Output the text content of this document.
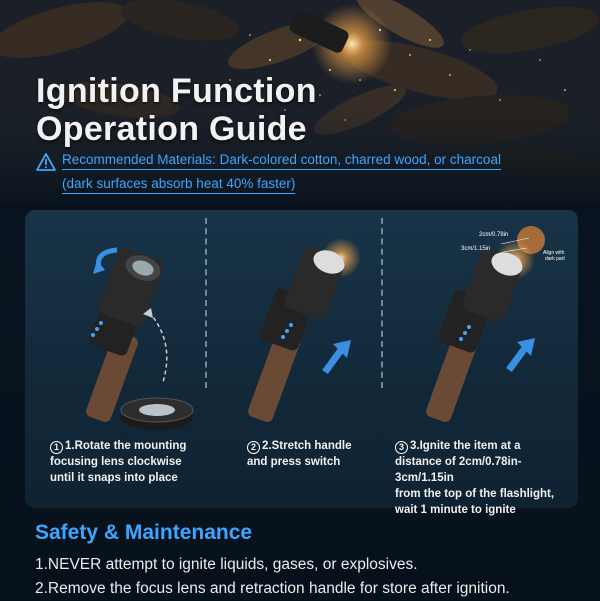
Ignition Function
Operation Guide
Recommended Materials: Dark-colored cotton, charred wood, or charcoal
(dark surfaces absorb heat 40% faster)
2cm/0.78in
3cm/1.15in
Align with
dark part
1 1.Rotate the mounting
focusing lens clockwise
until it snaps into place
2 2.Stretch handle
and press switch
3 3.Ignite the item at a
distance of 2cm/0.78in-3cm/1.15in
from the top of the flashlight,
wait 1 minute to ignite
Safety & Maintenance
1.NEVER attempt to ignite liquids, gases, or explosives.
2.Remove the focus lens and retraction handle for store after ignition.
